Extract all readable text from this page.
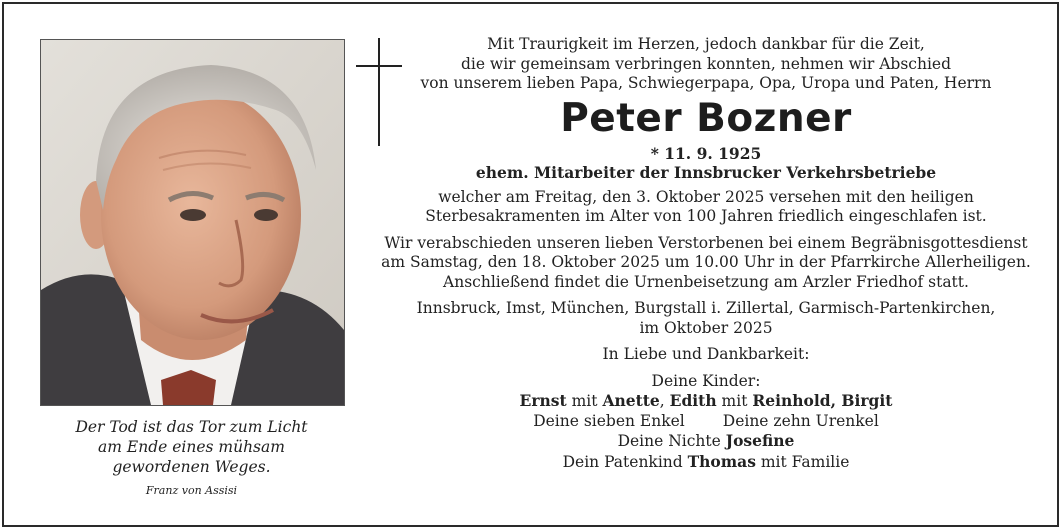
Der Tod ist das Tor zum Licht
am Ende eines mühsam
gewordenen Weges.
Franz von Assisi

Mit Traurigkeit im Herzen, jedoch dankbar für die Zeit,

die wir gemeinsam verbringen konnten, nehmen wir Abschied

von unserem lieben Papa, Schwiegerpapa, Opa, Uropa und Paten, Herrn

Peter Bozner

* 11. 9. 1925

ehem. Mitarbeiter der Innsbrucker Verkehrsbetriebe

welcher am Freitag, den 3. Oktober 2025 versehen mit den heiligen

Sterbesakramenten im Alter von 100 Jahren friedlich eingeschlafen ist.

Wir verabschieden unseren lieben Verstorbenen bei einem Begräbnisgottesdienst

am Samstag, den 18. Oktober 2025 um 10.00 Uhr in der Pfarrkirche Allerheiligen.

Anschließend findet die Urnenbeisetzung am Arzler Friedhof statt.

Innsbruck, Imst, München, Burgstall i. Zillertal, Garmisch-Partenkirchen,

im Oktober 2025

In Liebe und Dankbarkeit:

Deine Kinder:

Ernst mit Anette, Edith mit Reinhold, Birgit

Deine sieben Enkel Deine zehn Urenkel

Deine Nichte Josefine

Dein Patenkind Thomas mit Familie
